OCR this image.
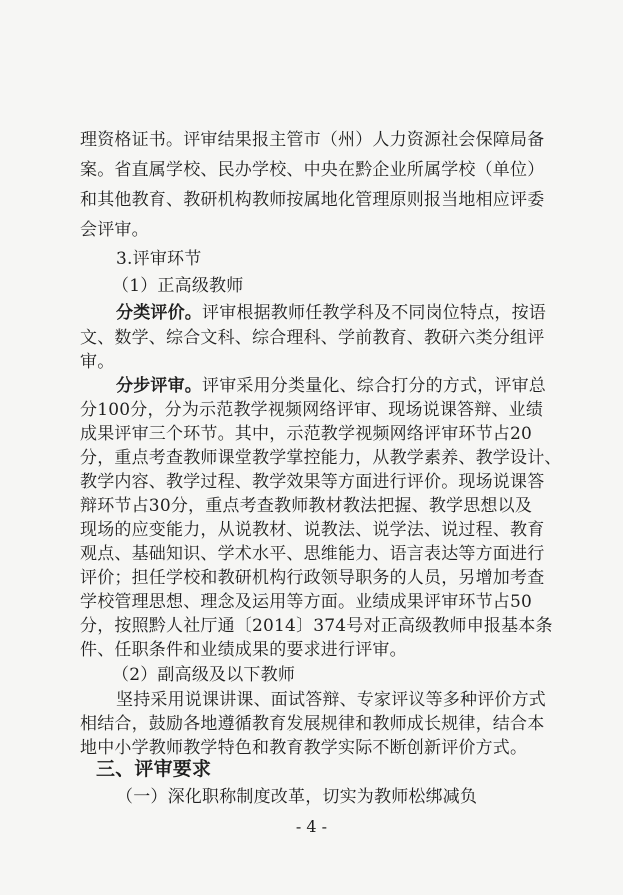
理资格证书。评审结果报主管市（州）人力资源社会保障局备
案。省直属学校、民办学校、中央在黔企业所属学校（单位）
和其他教育、教研机构教师按属地化管理原则报当地相应评委
会评审。
3.评审环节
（1）正高级教师
分类评价。评审根据教师任教学科及不同岗位特点，按语
文、数学、综合文科、综合理科、学前教育、教研六类分组评
审。
分步评审。评审采用分类量化、综合打分的方式，评审总
分100分，分为示范教学视频网络评审、现场说课答辩、业绩
成果评审三个环节。其中，示范教学视频网络评审环节占20
分，重点考查教师课堂教学掌控能力，从教学素养、教学设计、
教学内容、教学过程、教学效果等方面进行评价。现场说课答
辩环节占30分，重点考查教师教材教法把握、教学思想以及
现场的应变能力，从说教材、说教法、说学法、说过程、教育
观点、基础知识、学术水平、思维能力、语言表达等方面进行
评价；担任学校和教研机构行政领导职务的人员，另增加考查
学校管理思想、理念及运用等方面。业绩成果评审环节占50
分，按照黔人社厅通〔2014〕374号对正高级教师申报基本条
件、任职条件和业绩成果的要求进行评审。
（2）副高级及以下教师
坚持采用说课讲课、面试答辩、专家评议等多种评价方式
相结合，鼓励各地遵循教育发展规律和教师成长规律，结合本
地中小学教师教学特色和教育教学实际不断创新评价方式。
三、评审要求
（一）深化职称制度改革，切实为教师松绑减负
- 4 -
